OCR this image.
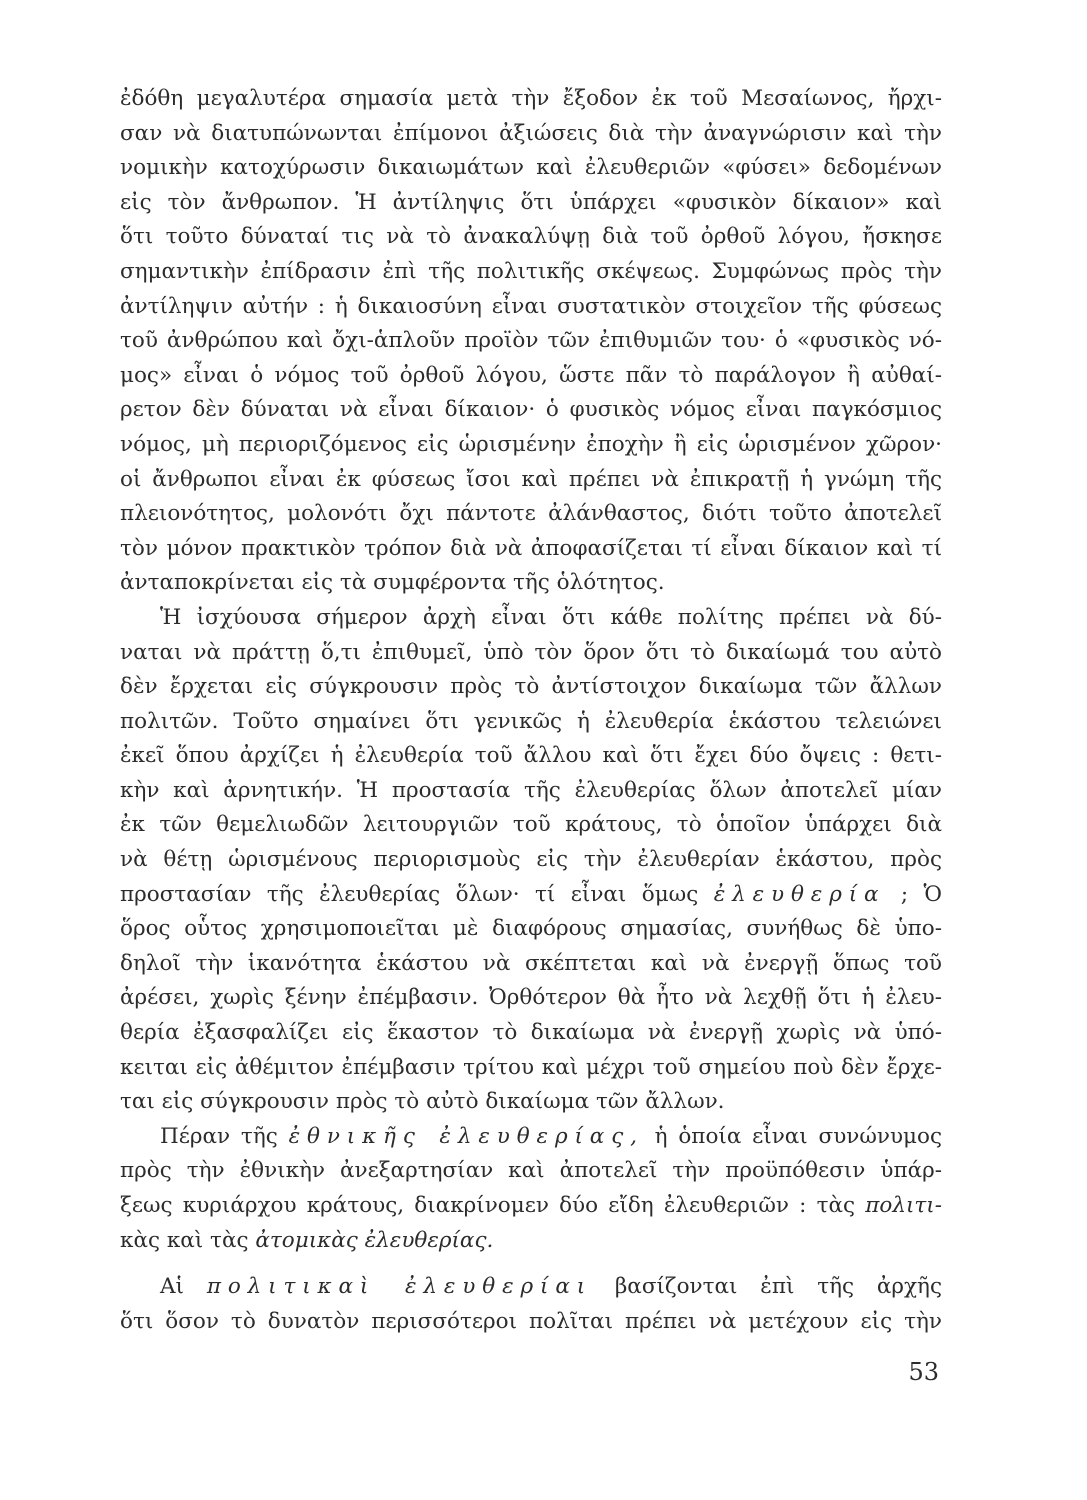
ἐδόθη μεγαλυτέρα σημασία μετὰ τὴν ἔξοδον ἐκ τοῦ Μεσαίωνος, ἤρχι-
σαν νὰ διατυπώνωνται ἐπίμονοι ἀξιώσεις διὰ τὴν ἀναγνώρισιν καὶ τὴν
νομικὴν κατοχύρωσιν δικαιωμάτων καὶ ἐλευθεριῶν «φύσει» δεδομένων
εἰς τὸν ἄνθρωπον. Ἡ ἀντίληψις ὅτι ὑπάρχει «φυσικὸν δίκαιον» καὶ
ὅτι τοῦτο δύναταί τις νὰ τὸ ἀνακαλύψῃ διὰ τοῦ ὀρθοῦ λόγου, ἤσκησε
σημαντικὴν ἐπίδρασιν ἐπὶ τῆς πολιτικῆς σκέψεως. Συμφώνως πρὸς τὴν
ἀντίληψιν αὐτήν : ἡ δικαιοσύνη εἶναι συστατικὸν στοιχεῖον τῆς φύσεως
τοῦ ἀνθρώπου καὶ ὄχι-ἁπλοῦν προϊὸν τῶν ἐπιθυμιῶν του· ὁ «φυσικὸς νό-
μος» εἶναι ὁ νόμος τοῦ ὀρθοῦ λόγου, ὥστε πᾶν τὸ παράλογον ἢ αὐθαί-
ρετον δὲν δύναται νὰ εἶναι δίκαιον· ὁ φυσικὸς νόμος εἶναι παγκόσμιος
νόμος, μὴ περιοριζόμενος εἰς ὡρισμένην ἐποχὴν ἢ εἰς ὡρισμένον χῶρον·
οἱ ἄνθρωποι εἶναι ἐκ φύσεως ἴσοι καὶ πρέπει νὰ ἐπικρατῇ ἡ γνώμη τῆς
πλειονότητος, μολονότι ὄχι πάντοτε ἀλάνθαστος, διότι τοῦτο ἀποτελεῖ
τὸν μόνον πρακτικὸν τρόπον διὰ νὰ ἀποφασίζεται τί εἶναι δίκαιον καὶ τί
ἀνταποκρίνεται εἰς τὰ συμφέροντα τῆς ὁλότητος.
Ἡ ἰσχύουσα σήμερον ἀρχὴ εἶναι ὅτι κάθε πολίτης πρέπει νὰ δύ-
ναται νὰ πράττῃ ὅ,τι ἐπιθυμεῖ, ὑπὸ τὸν ὅρον ὅτι τὸ δικαίωμά του αὐτὸ
δὲν ἔρχεται εἰς σύγκρουσιν πρὸς τὸ ἀντίστοιχον δικαίωμα τῶν ἄλλων
πολιτῶν. Τοῦτο σημαίνει ὅτι γενικῶς ἡ ἐλευθερία ἑκάστου τελειώνει
ἐκεῖ ὅπου ἀρχίζει ἡ ἐλευθερία τοῦ ἄλλου καὶ ὅτι ἔχει δύο ὄψεις : θετι-
κὴν καὶ ἀρνητικήν. Ἡ προστασία τῆς ἐλευθερίας ὅλων ἀποτελεῖ μίαν
ἐκ τῶν θεμελιωδῶν λειτουργιῶν τοῦ κράτους, τὸ ὁποῖον ὑπάρχει διὰ
νὰ θέτῃ ὡρισμένους περιορισμοὺς εἰς τὴν ἐλευθερίαν ἑκάστου, πρὸς
προστασίαν τῆς ἐλευθερίας ὅλων· τί εἶναι ὅμως ἐλευθερία ; Ὁ
ὅρος οὗτος χρησιμοποιεῖται μὲ διαφόρους σημασίας, συνήθως δὲ ὑπο-
δηλοῖ τὴν ἱκανότητα ἑκάστου νὰ σκέπτεται καὶ νὰ ἐνεργῇ ὅπως τοῦ
ἀρέσει, χωρὶς ξένην ἐπέμβασιν. Ὀρθότερον θὰ ἦτο νὰ λεχθῇ ὅτι ἡ ἐλευ-
θερία ἐξασφαλίζει εἰς ἕκαστον τὸ δικαίωμα νὰ ἐνεργῇ χωρὶς νὰ ὑπό-
κειται εἰς ἀθέμιτον ἐπέμβασιν τρίτου καὶ μέχρι τοῦ σημείου ποὺ δὲν ἔρχε-
ται εἰς σύγκρουσιν πρὸς τὸ αὐτὸ δικαίωμα τῶν ἄλλων.
Πέραν τῆς ἐθνικῆς ἐλευθερίας, ἡ ὁποία εἶναι συνώνυμος
πρὸς τὴν ἐθνικὴν ἀνεξαρτησίαν καὶ ἀποτελεῖ τὴν προϋπόθεσιν ὑπάρ-
ξεως κυριάρχου κράτους, διακρίνομεν δύο εἴδη ἐλευθεριῶν : τὰς πολιτι-
κὰς καὶ τὰς ἀτομικὰς ἐλευθερίας.
Αἱ πολιτικαὶ ἐλευθερίαι βασίζονται ἐπὶ τῆς ἀρχῆς
ὅτι ὅσον τὸ δυνατὸν περισσότεροι πολῖται πρέπει νὰ μετέχουν εἰς τὴν
53
